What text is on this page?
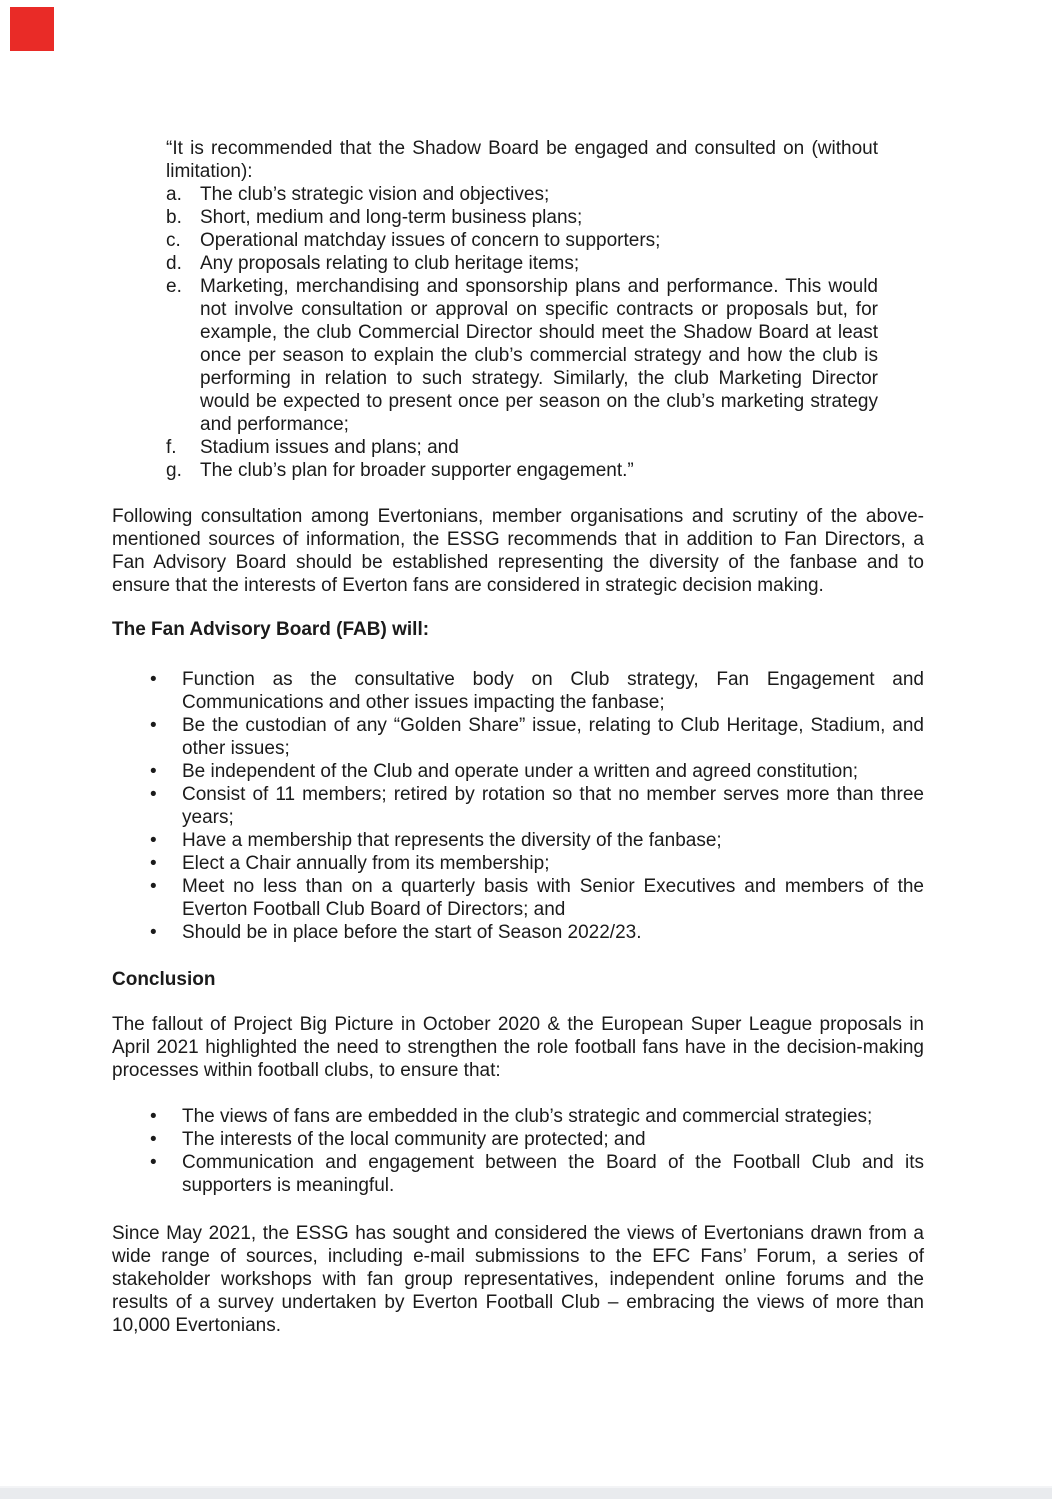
“It is recommended that the Shadow Board be engaged and consulted on (without limitation):

a. The club’s strategic vision and objectives;
b. Short, medium and long-term business plans;
c. Operational matchday issues of concern to supporters;
d. Any proposals relating to club heritage items;
e. Marketing, merchandising and sponsorship plans and performance. This would not involve consultation or approval on specific contracts or proposals but, for example, the club Commercial Director should meet the Shadow Board at least once per season to explain the club’s commercial strategy and how the club is performing in relation to such strategy. Similarly, the club Marketing Director would be expected to present once per season on the club’s marketing strategy and performance;
f. Stadium issues and plans; and
g. The club’s plan for broader supporter engagement.”

Following consultation among Evertonians, member organisations and scrutiny of the above-mentioned sources of information, the ESSG recommends that in addition to Fan Directors, a Fan Advisory Board should be established representing the diversity of the fanbase and to ensure that the interests of Everton fans are considered in strategic decision making.

The Fan Advisory Board (FAB) will:

• Function as the consultative body on Club strategy, Fan Engagement and Communications and other issues impacting the fanbase;
• Be the custodian of any “Golden Share” issue, relating to Club Heritage, Stadium, and other issues;
• Be independent of the Club and operate under a written and agreed constitution;
• Consist of 11 members; retired by rotation so that no member serves more than three years;
• Have a membership that represents the diversity of the fanbase;
• Elect a Chair annually from its membership;
• Meet no less than on a quarterly basis with Senior Executives and members of the Everton Football Club Board of Directors; and
• Should be in place before the start of Season 2022/23.

Conclusion

The fallout of Project Big Picture in October 2020 & the European Super League proposals in April 2021 highlighted the need to strengthen the role football fans have in the decision-making processes within football clubs, to ensure that:

• The views of fans are embedded in the club’s strategic and commercial strategies;
• The interests of the local community are protected; and
• Communication and engagement between the Board of the Football Club and its supporters is meaningful.

Since May 2021, the ESSG has sought and considered the views of Evertonians drawn from a wide range of sources, including e-mail submissions to the EFC Fans’ Forum, a series of stakeholder workshops with fan group representatives, independent online forums and the results of a survey undertaken by Everton Football Club – embracing the views of more than 10,000 Evertonians.
